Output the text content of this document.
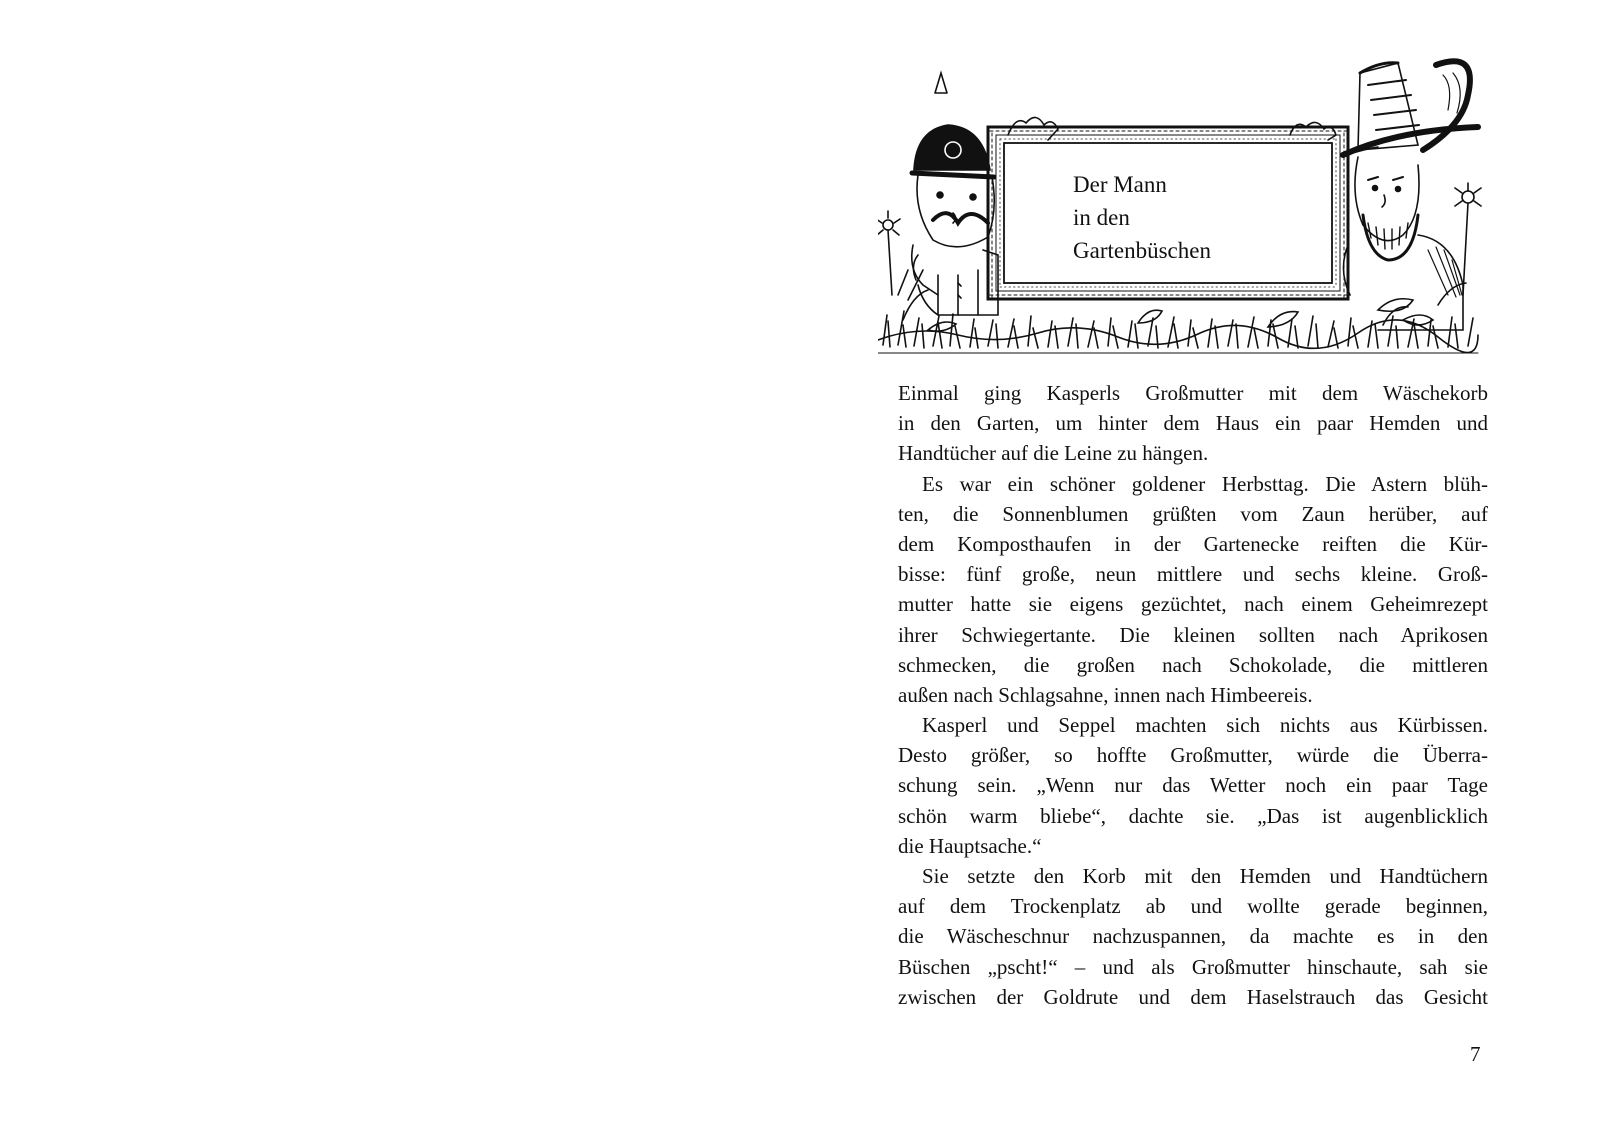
Der Mann
in den
Gartenbüschen
Einmal ging Kasperls Großmutter mit dem Wäschekorb
in den Garten, um hinter dem Haus ein paar Hemden und
Handtücher auf die Leine zu hängen.
Es war ein schöner goldener Herbsttag. Die Astern blüh-
ten, die Sonnenblumen grüßten vom Zaun herüber, auf
dem Komposthaufen in der Gartenecke reiften die Kür-
bisse: fünf große, neun mittlere und sechs kleine. Groß-
mutter hatte sie eigens gezüchtet, nach einem Geheimrezept
ihrer Schwiegertante. Die kleinen sollten nach Aprikosen
schmecken, die großen nach Schokolade, die mittleren
außen nach Schlagsahne, innen nach Himbeereis.
Kasperl und Seppel machten sich nichts aus Kürbissen.
Desto größer, so hoffte Großmutter, würde die Überra-
schung sein. „Wenn nur das Wetter noch ein paar Tage
schön warm bliebe“, dachte sie. „Das ist augenblicklich
die Hauptsache.“
Sie setzte den Korb mit den Hemden und Handtüchern
auf dem Trockenplatz ab und wollte gerade beginnen,
die Wäscheschnur nachzuspannen, da machte es in den
Büschen „pscht!“ – und als Großmutter hinschaute, sah sie
zwischen der Goldrute und dem Haselstrauch das Gesicht
7
